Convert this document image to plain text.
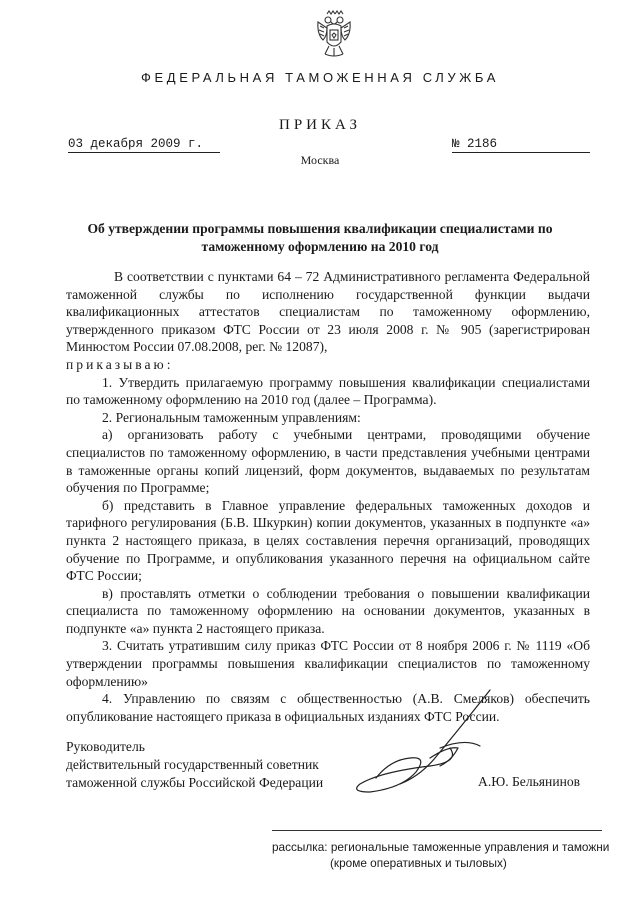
ФЕДЕРАЛЬНАЯ ТАМОЖЕННАЯ СЛУЖБА
ПРИКАЗ
03 декабря 2009 г.	№ 2186
Москва
Об утверждении программы повышения квалификации специалистами по таможенному оформлению на 2010 год

В соответствии с пунктами 64 – 72 Административного регламента Федеральной таможенной службы по исполнению государственной функции выдачи квалификационных аттестатов специалистам по таможенному оформлению, утвержденного приказом ФТС России от 23 июля 2008 г. № 905 (зарегистрирован Минюстом России 07.08.2008, рег. № 12087),
приказываю:

1. Утвердить прилагаемую программу повышения квалификации специалистами по таможенному оформлению на 2010 год (далее – Программа).

2. Региональным таможенным управлениям:

а) организовать работу с учебными центрами, проводящими обучение специалистов по таможенному оформлению, в части представления учебными центрами в таможенные органы копий лицензий, форм документов, выдаваемых по результатам обучения по Программе;

б) представить в Главное управление федеральных таможенных доходов и тарифного регулирования (Б.В. Шкуркин) копии документов, указанных в подпункте «а» пункта 2 настоящего приказа, в целях составления перечня организаций, проводящих обучение по Программе, и опубликования указанного перечня на официальном сайте ФТС России;

в) проставлять отметки о соблюдении требования о повышении квалификации специалиста по таможенному оформлению на основании документов, указанных в подпункте «а» пункта 2 настоящего приказа.

3. Считать утратившим силу приказ ФТС России от 8 ноября 2006 г. № 1119 «Об утверждении программы повышения квалификации специалистов по таможенному оформлению»

4. Управлению по связям с общественностью (А.В. Смеляков) обеспечить опубликование настоящего приказа в официальных изданиях ФТС России.

Руководитель
действительный государственный советник
таможенной службы Российской Федерации	А.Ю. Бельянинов
рассылка: региональные таможенные управления и таможни
(кроме оперативных и тыловых)
